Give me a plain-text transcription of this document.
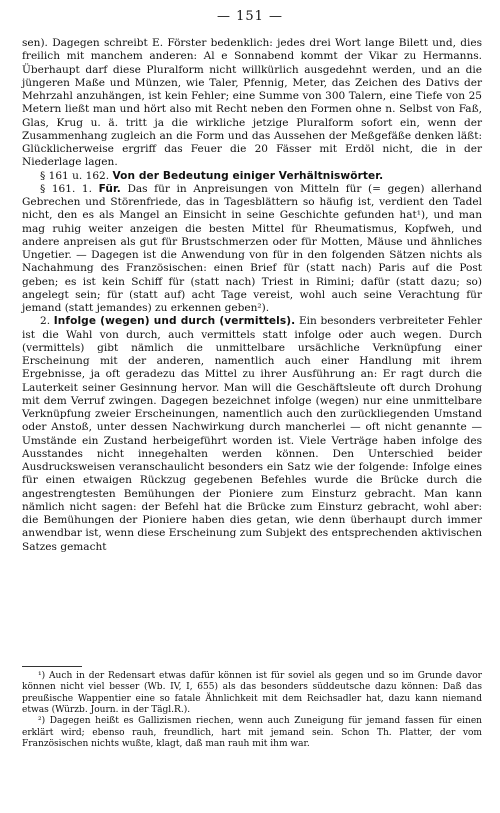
— 151 —

sen). Dagegen schreibt E. Förster bedenklich: jedes drei Wort lange Bilett und, dies freilich mit manchem anderen: Al e Sonnabend kommt der Vikar zu Hermanns. Überhaupt darf diese Pluralform nicht willkürlich ausgedehnt werden, und an die jüngeren Maße und Münzen, wie Taler, Pfennig, Meter, das Zeichen des Dativs der Mehrzahl anzuhängen, ist kein Fehler; eine Summe von 300 Talern, eine Tiefe von 25 Metern ließt man und hört also mit Recht neben den Formen ohne n. Selbst von Faß, Glas, Krug u. ä. tritt ja die wirkliche jetzige Pluralform sofort ein, wenn der Zusammenhang zugleich an die Form und das Aussehen der Meßgefäße denken läßt: Glücklicherweise ergriff das Feuer die 20 Fässer mit Erdöl nicht, die in der Niederlage lagen.

§ 161 u. 162. Von der Bedeutung einiger Verhältniswörter.

§ 161. 1. Für. Das für in Anpreisungen von Mitteln für (= gegen) allerhand Gebrechen und Störenfriede, das in Tagesblättern so häufig ist, verdient den Tadel nicht, den es als Mangel an Einsicht in seine Geschichte gefunden hat¹), und man mag ruhig weiter anzeigen die besten Mittel für Rheumatismus, Kopfweh, und andere anpreisen als gut für Brustschmerzen oder für Motten, Mäuse und ähnliches Ungetier. — Dagegen ist die Anwendung von für in den folgenden Sätzen nichts als Nachahmung des Französischen: einen Brief für (statt nach) Paris auf die Post geben; es ist kein Schiff für (statt nach) Triest in Rimini; dafür (statt dazu; so) angelegt sein; für (statt auf) acht Tage vereist, wohl auch seine Verachtung für jemand (statt jemandes) zu erkennen geben²).

2. Infolge (wegen) und durch (vermittels). Ein besonders verbreiteter Fehler ist die Wahl von durch, auch vermittels statt infolge oder auch wegen. Durch (vermittels) gibt nämlich die unmittelbare ursächliche Verknüpfung einer Erscheinung mit der anderen, namentlich auch einer Handlung mit ihrem Ergebnisse, ja oft geradezu das Mittel zu ihrer Ausführung an: Er ragt durch die Lauterkeit seiner Gesinnung hervor. Man will die Geschäftsleute oft durch Drohung mit dem Verruf zwingen. Dagegen bezeichnet infolge (wegen) nur eine unmittelbare Verknüpfung zweier Erscheinungen, namentlich auch den zurückliegenden Umstand oder Anstoß, unter dessen Nachwirkung durch mancherlei — oft nicht genannte — Umstände ein Zustand herbeigeführt worden ist. Viele Verträge haben infolge des Ausstandes nicht innegehalten werden können. Den Unterschied beider Ausdrucksweisen veranschaulicht besonders ein Satz wie der folgende: Infolge eines für einen etwaigen Rückzug gegebenen Befehles wurde die Brücke durch die angestrengtesten Bemühungen der Pioniere zum Einsturz gebracht. Man kann nämlich nicht sagen: der Befehl hat die Brücke zum Einsturz gebracht, wohl aber: die Bemühungen der Pioniere haben dies getan, wie denn überhaupt durch immer anwendbar ist, wenn diese Erscheinung zum Subjekt des entsprechenden aktivischen Satzes gemacht

¹) Auch in der Redensart etwas dafür können ist für soviel als gegen und so im Grunde davor können nicht viel besser (Wb. IV, I, 655) als das besonders süddeutsche dazu können: Daß das preußische Wappentier eine so fatale Ähnlichkeit mit dem Reichsadler hat, dazu kann niemand etwas (Würzb. Journ. in der Tägl.R.).

²) Dagegen heißt es Gallizismen riechen, wenn auch Zuneigung für jemand fassen für einen erklärt wird; ebenso rauh, freundlich, hart mit jemand sein. Schon Th. Platter, der vom Französischen nichts wußte, klagt, daß man rauh mit ihm war.
